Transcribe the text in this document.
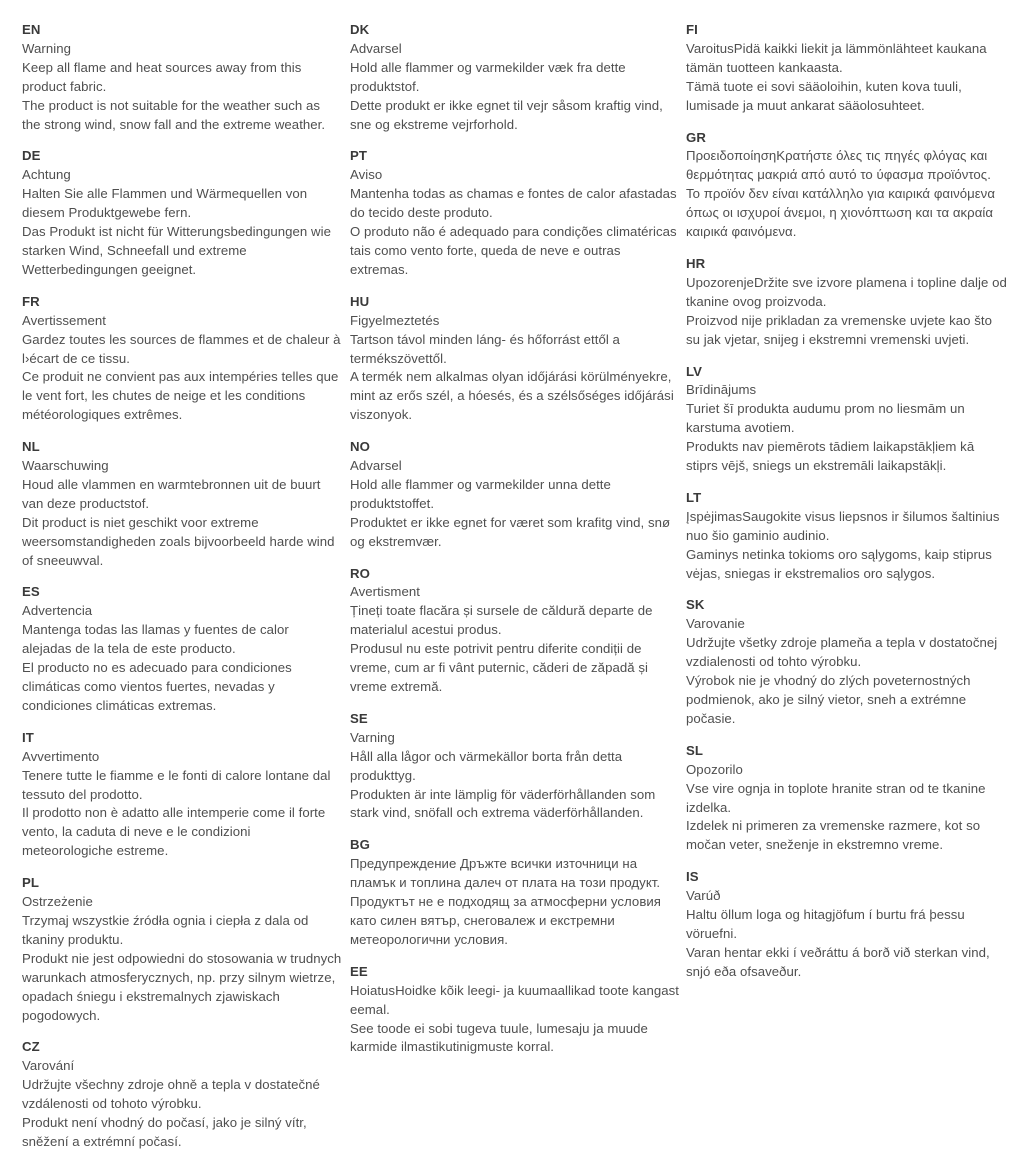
EN

Warning

Keep all flame and heat sources away from this product fabric.

The product is not suitable for the weather such as the strong wind, snow fall and the extreme weather.

DE

Achtung

Halten Sie alle Flammen und Wärmequellen von diesem Produktgewebe fern.

Das Produkt ist nicht für Witterungsbedingungen wie starken Wind, Schneefall und extreme Wetterbedingungen geeignet.

FR

Avertissement

Gardez toutes les sources de flammes et de chaleur à l›écart de ce tissu.

Ce produit ne convient pas aux intempéries telles que le vent fort, les chutes de neige et les conditions météorologiques extrêmes.

NL

Waarschuwing

Houd alle vlammen en warmtebronnen uit de buurt van deze productstof.

Dit product is niet geschikt voor extreme weersomstandigheden zoals bijvoorbeeld harde wind of sneeuwval.

ES

Advertencia

Mantenga todas las llamas y fuentes de calor alejadas de la tela de este producto.

El producto no es adecuado para condiciones climáticas como vientos fuertes, nevadas y condiciones climáticas extremas.

IT

Avvertimento

Tenere tutte le fiamme e le fonti di calore lontane dal tessuto del prodotto.

Il prodotto non è adatto alle intemperie come il forte vento, la caduta di neve e le condizioni meteorologiche estreme.

PL

Ostrzeżenie

Trzymaj wszystkie źródła ognia i ciepła z dala od tkaniny produktu.

Produkt nie jest odpowiedni do stosowania w trudnych warunkach atmosferycznych, np. przy silnym wietrze, opadach śniegu i ekstremalnych zjawiskach pogodowych.

CZ

Varování

Udržujte všechny zdroje ohně a tepla v dostatečné vzdálenosti od tohoto výrobku.

Produkt není vhodný do počasí, jako je silný vítr, sněžení a extrémní počasí.

DK

Advarsel

Hold alle flammer og varmekilder væk fra dette produktstof.

Dette produkt er ikke egnet til vejr såsom kraftig vind, sne og ekstreme vejrforhold.

PT

Aviso

Mantenha todas as chamas e fontes de calor afastadas do tecido deste produto.

O produto não é adequado para condições climatéricas tais como vento forte, queda de neve e outras extremas.

HU

Figyelmeztetés

Tartson távol minden láng- és hőforrást ettől a termékszövettől.

A termék nem alkalmas olyan időjárási körülményekre, mint az erős szél, a hóesés, és a szélsőséges időjárási viszonyok.

NO

Advarsel

Hold alle flammer og varmekilder unna dette produktstoffet.

Produktet er ikke egnet for været som krafitg vind, snø og ekstremvær.

RO

Avertisment

Țineți toate flacăra și sursele de căldură departe de materialul acestui produs.

Produsul nu este potrivit pentru diferite condiții de vreme, cum ar fi vânt puternic, căderi de zăpadă și vreme extremă.

SE

Varning

Håll alla lågor och värmekällor borta från detta produkttyg.

Produkten är inte lämplig för väderförhållanden som stark vind, snöfall och extrema väderförhållanden.

BG

Предупреждение Дръжте всички източници на пламък и топлина далеч от плата на този продукт.

Продуктът не е подходящ за атмосферни условия като силен вятър, снеговалеж и екстремни метеорологични условия.

EE

HoiatusHoidke kõik leegi- ja kuumaallikad toote kangast eemal.

See toode ei sobi tugeva tuule, lumesaju ja muude karmide ilmastikutinigmuste korral.

FI

VaroitusPidä kaikki liekit ja lämmönlähteet kaukana tämän tuotteen kankaasta.

Tämä tuote ei sovi sääoloihin, kuten kova tuuli, lumisade ja muut ankarat sääolosuhteet.

GR

ΠροειδοποίησηΚρατήστε όλες τις πηγές φλόγας και θερμότητας μακριά από αυτό το ύφασμα προϊόντος.

Το προϊόν δεν είναι κατάλληλο για καιρικά φαινόμενα όπως οι ισχυροί άνεμοι, η χιονόπτωση και τα ακραία καιρικά φαινόμενα.

HR

UpozorenjeDržite sve izvore plamena i topline dalje od tkanine ovog proizvoda.

Proizvod nije prikladan za vremenske uvjete kao što su jak vjetar, snijeg i ekstremni vremenski uvjeti.

LV

Brīdinājums

Turiet šī produkta audumu prom no liesmām un karstuma avotiem.

Produkts nav piemērots tādiem laikapstākļiem kā stiprs vējš, sniegs un ekstremāli laikapstākļi.

LT

ĮspėjimasSaugokite visus liepsnos ir šilumos šaltinius nuo šio gaminio audinio.

Gaminys netinka tokioms oro sąlygoms, kaip stiprus vėjas, sniegas ir ekstremalios oro sąlygos.

SK

Varovanie

Udržujte všetky zdroje plameňa a tepla v dostatočnej vzdialenosti od tohto výrobku.

Výrobok nie je vhodný do zlých poveternostných podmienok, ako je silný vietor, sneh a extrémne počasie.

SL

Opozorilo

Vse vire ognja in toplote hranite stran od te tkanine izdelka.

Izdelek ni primeren za vremenske razmere, kot so močan veter, sneženje in ekstremno vreme.

IS

Varúð

Haltu öllum loga og hitagjöfum í burtu frá þessu vöruefni.

Varan hentar ekki í veðráttu á borð við sterkan vind, snjó eða ofsaveður.
